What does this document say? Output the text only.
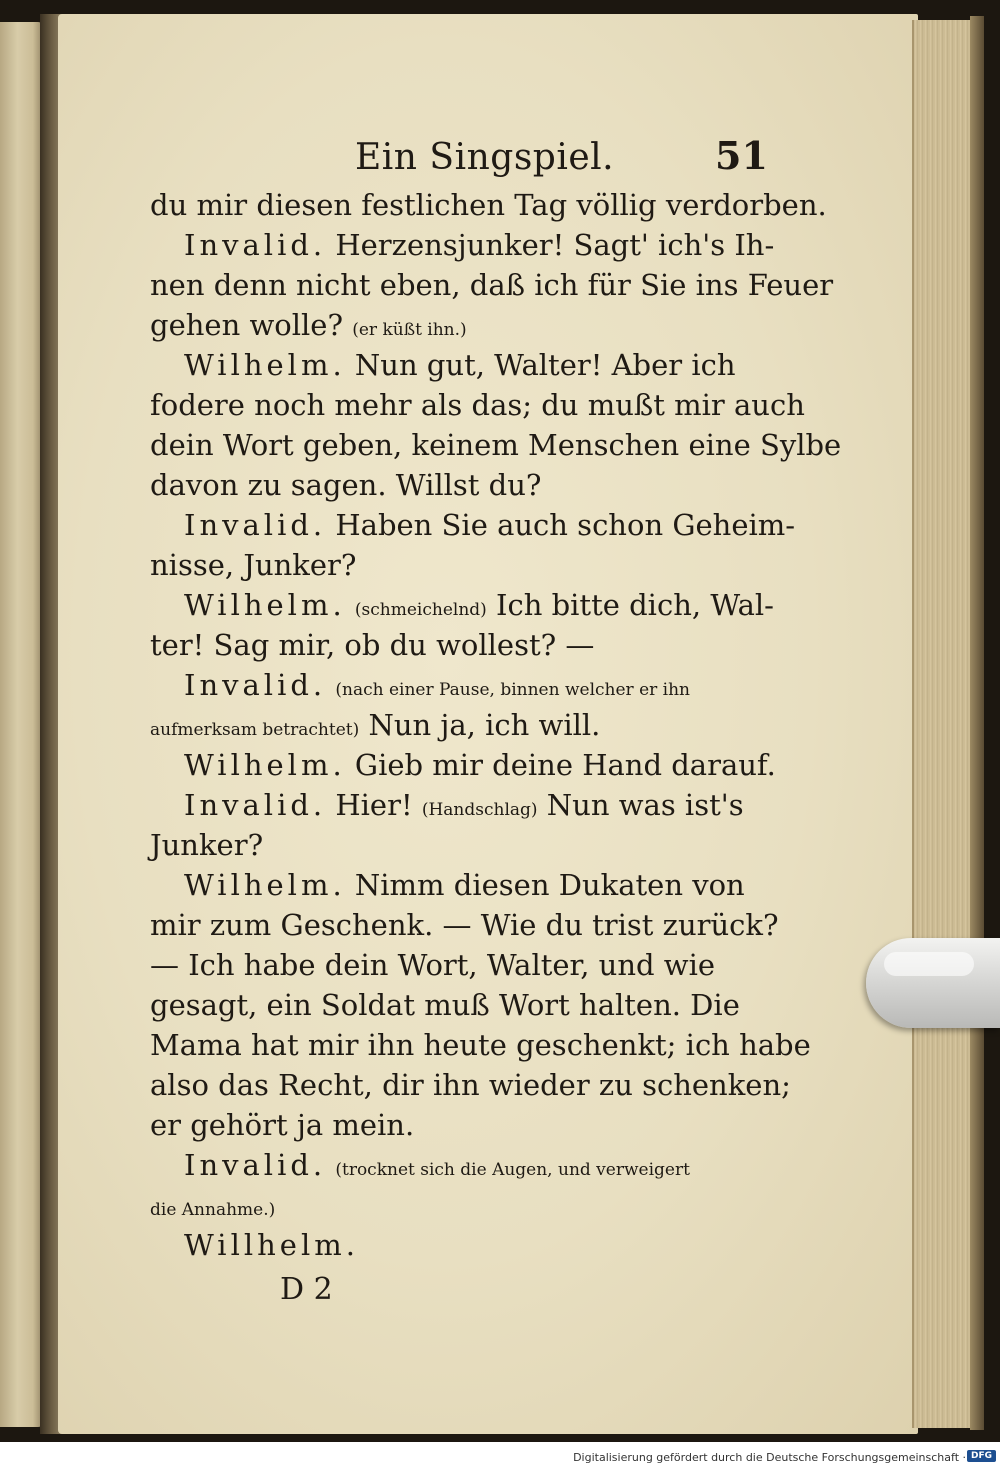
Ein Singspiel.	51
du mir diesen festlichen Tag völlig verdorben.
Invalid. Herzensjunker! Sagt' ich's Ih-
nen denn nicht eben, daß ich für Sie ins Feuer
gehen wolle? (er küßt ihn.)
Wilhelm. Nun gut, Walter! Aber ich
fodere noch mehr als das; du mußt mir auch
dein Wort geben, keinem Menschen eine Sylbe
davon zu sagen. Willst du?
Invalid. Haben Sie auch schon Geheim-
nisse, Junker?
Wilhelm. (schmeichelnd) Ich bitte dich, Wal-
ter! Sag mir, ob du wollest? —
Invalid. (nach einer Pause, binnen welcher er ihn
aufmerksam betrachtet) Nun ja, ich will.
Wilhelm. Gieb mir deine Hand darauf.
Invalid. Hier! (Handschlag) Nun was ist's
Junker?
Wilhelm. Nimm diesen Dukaten von
mir zum Geschenk. — Wie du trist zurück?
— Ich habe dein Wort, Walter, und wie
gesagt, ein Soldat muß Wort halten. Die
Mama hat mir ihn heute geschenkt; ich habe
also das Recht, dir ihn wieder zu schenken;
er gehört ja mein.
Invalid. (trocknet sich die Augen, und verweigert
die Annahme.)
Willhelm.
D 2
Digitalisierung gefördert durch die Deutsche Forschungsgemeinschaft · DFG
